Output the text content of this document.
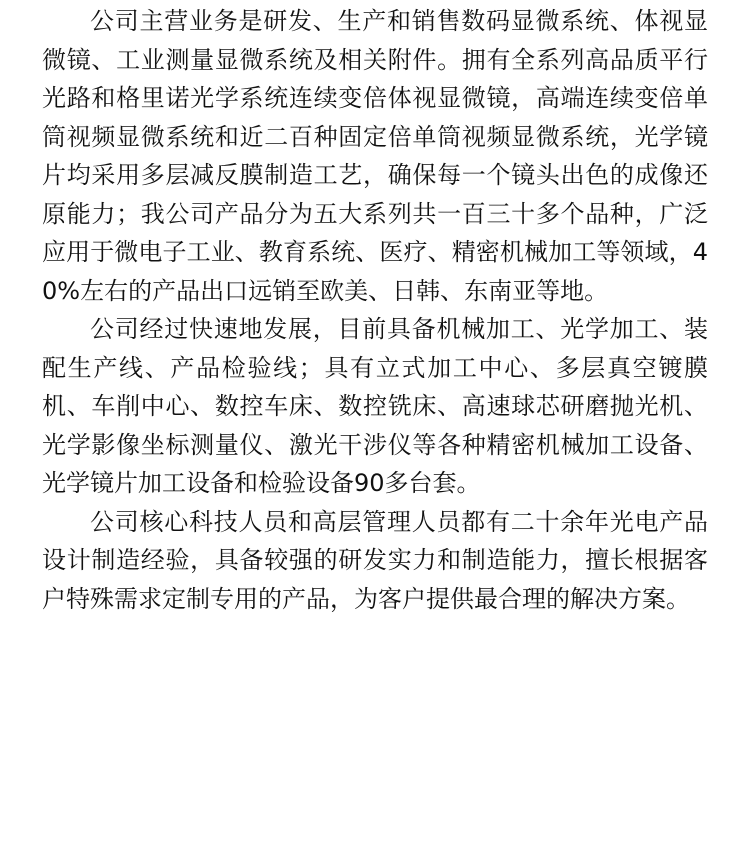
公司主营业务是研发、生产和销售数码显微系统、体视显微镜、工业测量显微系统及相关附件。拥有全系列高品质平行光路和格里诺光学系统连续变倍体视显微镜，高端连续变倍单筒视频显微系统和近二百种固定倍单筒视频显微系统，光学镜片均采用多层减反膜制造工艺，确保每一个镜头出色的成像还原能力；我公司产品分为五大系列共一百三十多个品种，广泛应用于微电子工业、教育系统、医疗、精密机械加工等领域，40%左右的产品出口远销至欧美、日韩、东南亚等地。

公司经过快速地发展，目前具备机械加工、光学加工、装配生产线、产品检验线；具有立式加工中心、多层真空镀膜机、车削中心、数控车床、数控铣床、高速球芯研磨抛光机、光学影像坐标测量仪、激光干涉仪等各种精密机械加工设备、光学镜片加工设备和检验设备90多台套。

公司核心科技人员和高层管理人员都有二十余年光电产品设计制造经验，具备较强的研发实力和制造能力，擅长根据客户特殊需求定制专用的产品，为客户提供最合理的解决方案。
